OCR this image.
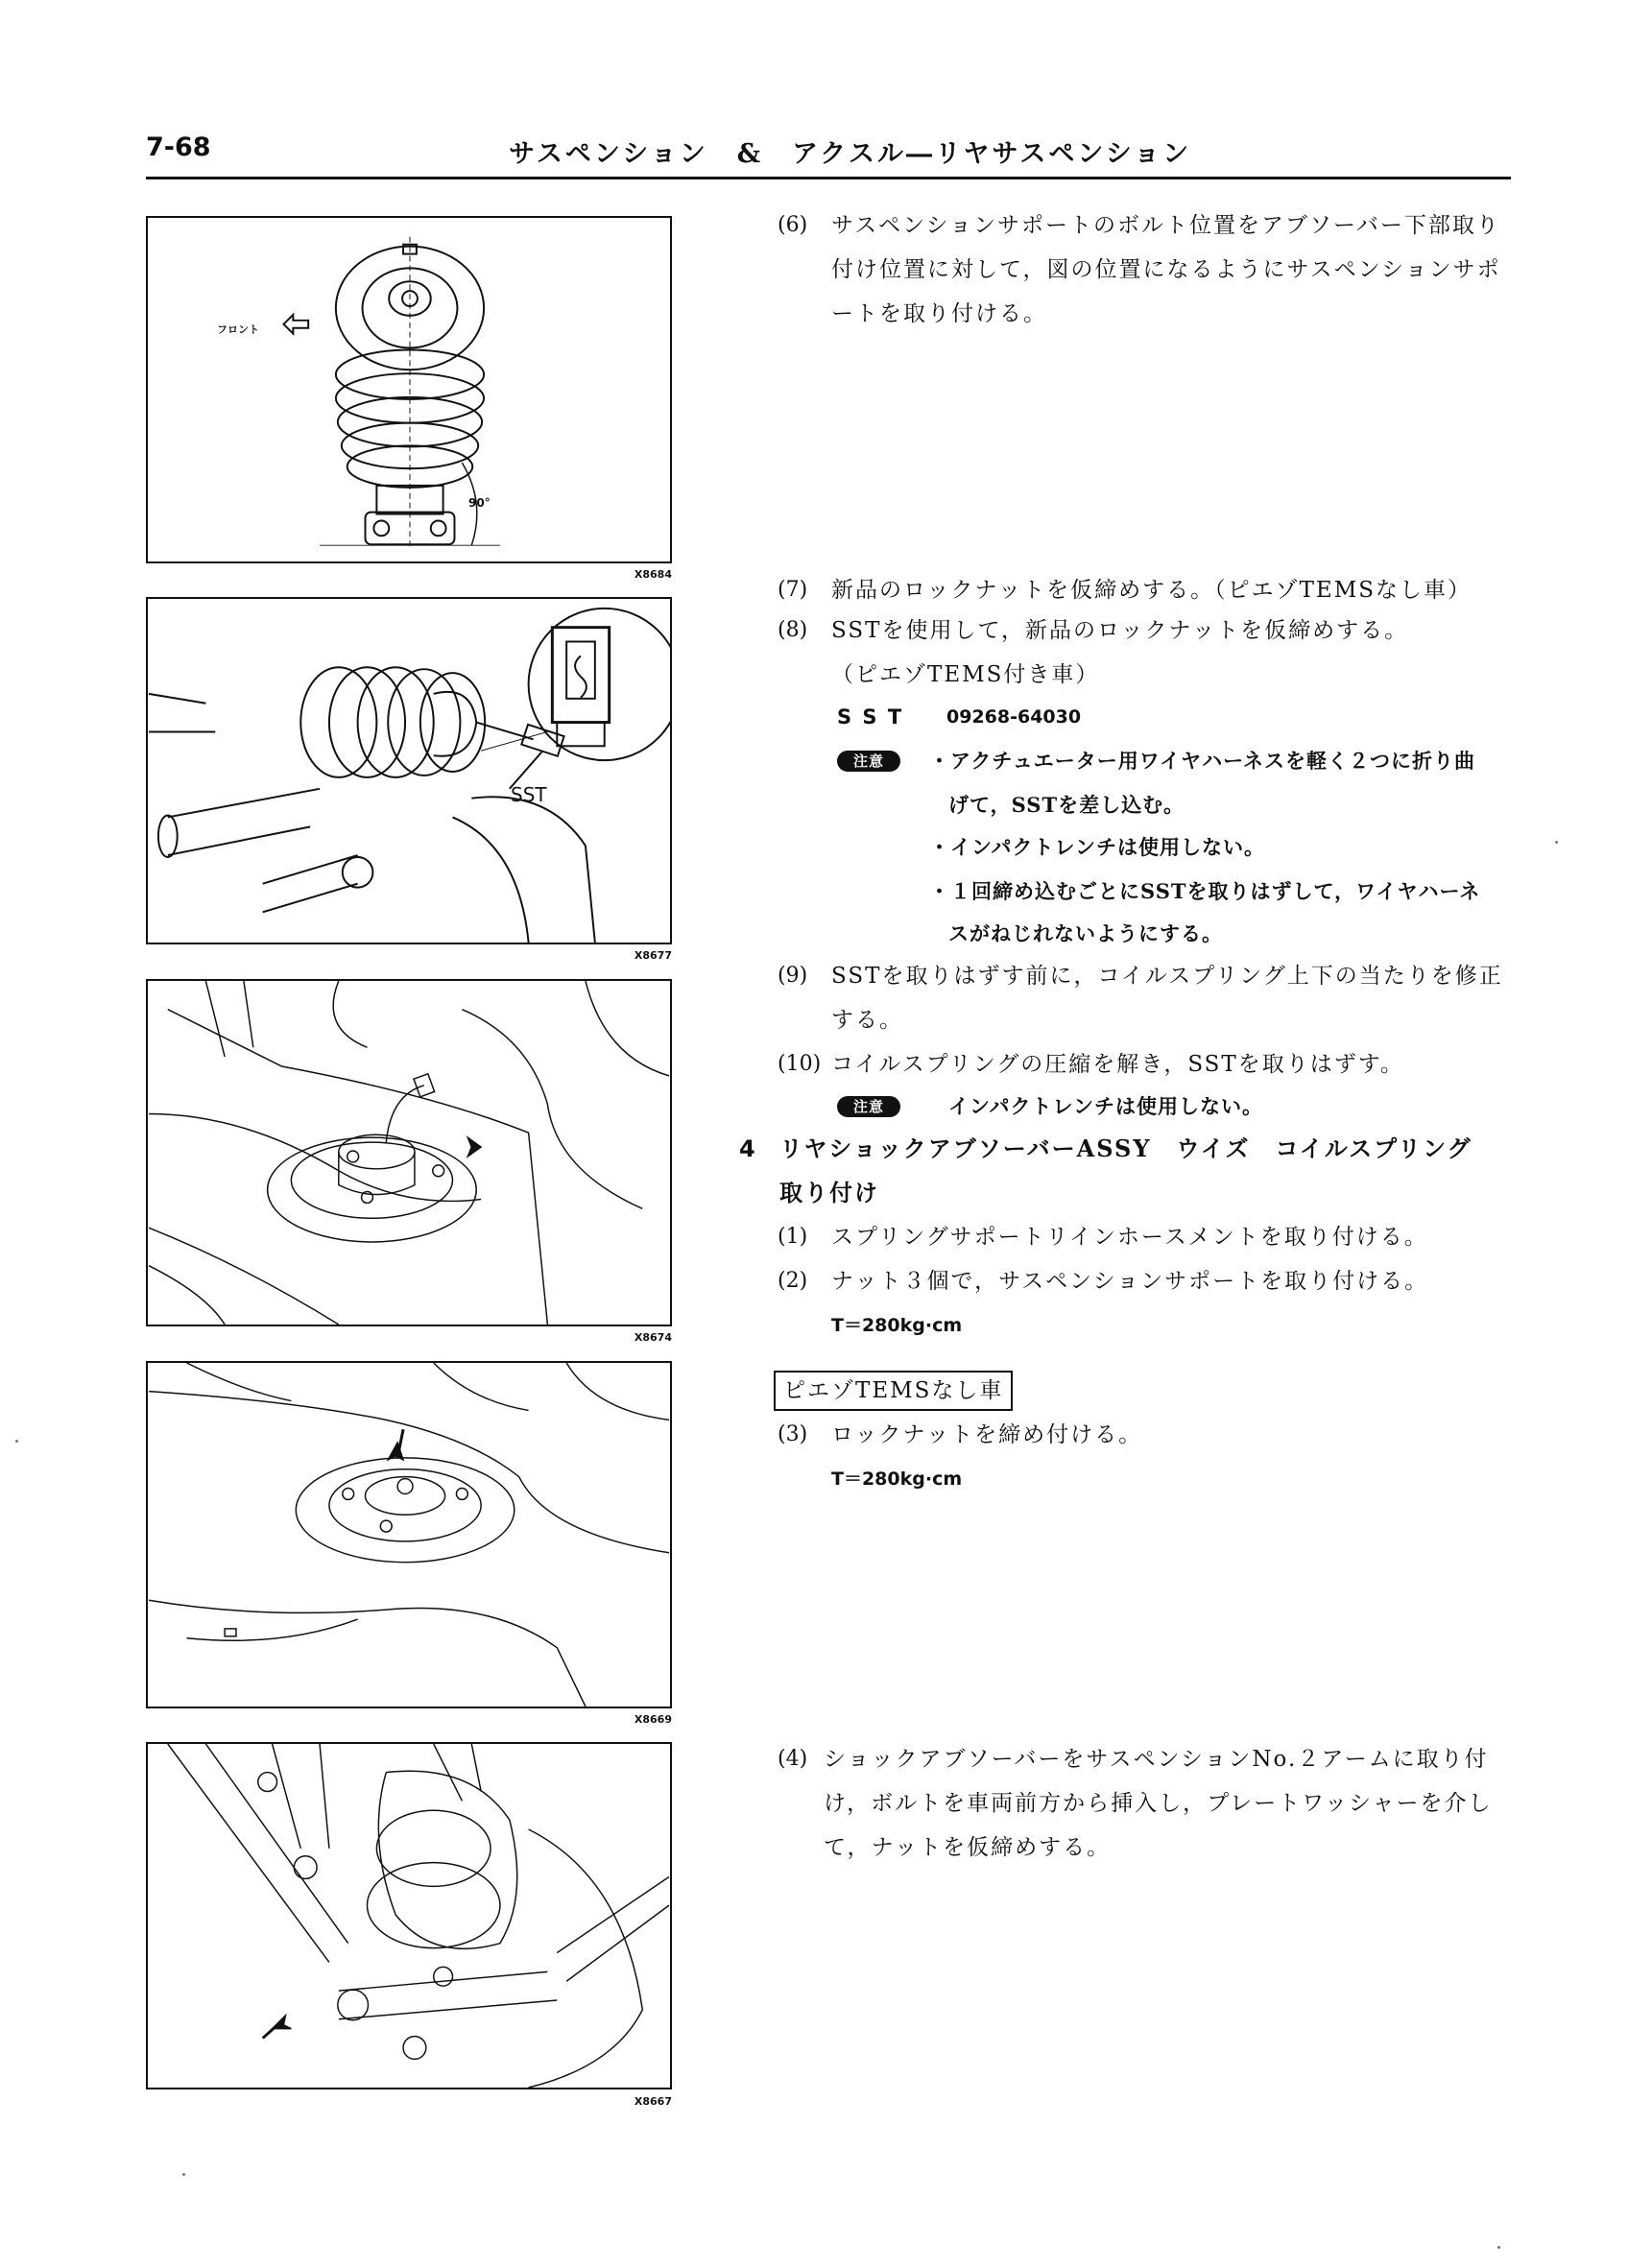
7-68	サスペンション　&　アクスル―リヤサスペンション
フロント
90°
X8684
SST
X8677
X8674
X8669
X8667
(6) サスペンションサポートのボルト位置をアブソーバー下部取り
付け位置に対して，図の位置になるようにサスペンションサポ
ートを取り付ける。
(7) 新品のロックナットを仮締めする。（ピエゾTEMSなし車）
(8) SSTを使用して，新品のロックナットを仮締めする。
（ピエゾTEMS付き車）
S S T 09268-64030
注意	・アクチュエーター用ワイヤハーネスを軽く２つに折り曲
げて，SSTを差し込む。
・インパクトレンチは使用しない。
・１回締め込むごとにSSTを取りはずして，ワイヤハーネ
スがねじれないようにする。
(9) SSTを取りはずす前に，コイルスプリング上下の当たりを修正
する。
(10) コイルスプリングの圧縮を解き，SSTを取りはずす。
注意	インパクトレンチは使用しない。
4 リヤショックアブソーバーASSY　ウイズ　コイルスプリング
取り付け
(1) スプリングサポートリインホースメントを取り付ける。
(2) ナット３個で，サスペンションサポートを取り付ける。
T＝280kg·cm
ピエゾTEMSなし車
(3) ロックナットを締め付ける。
T＝280kg·cm
(4) ショックアブソーバーをサスペンションNo.２アームに取り付
け，ボルトを車両前方から挿入し，プレートワッシャーを介し
て，ナットを仮締めする。
